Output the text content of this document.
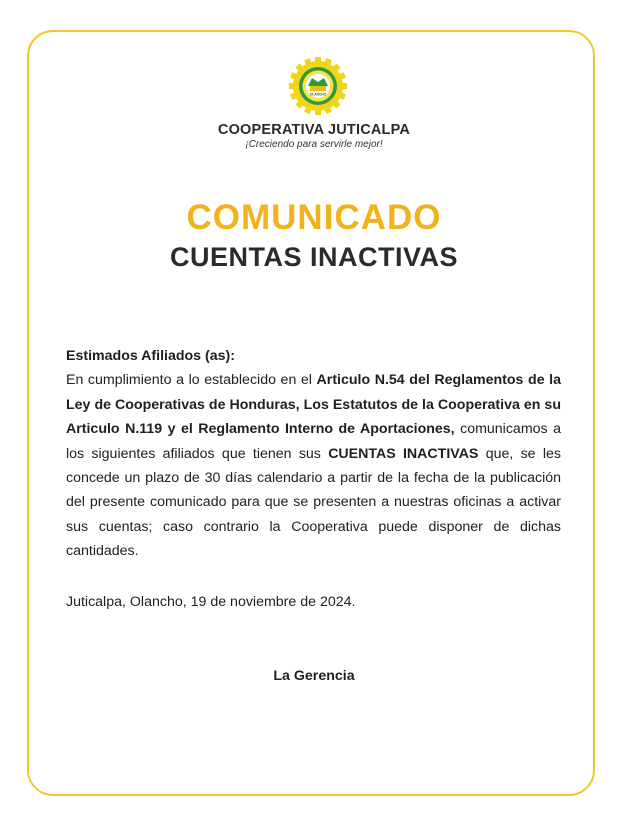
OLANCHO
COOPERATIVA JUTICALPA
¡Creciendo para servirle mejor!
COMUNICADO
CUENTAS INACTIVAS
Estimados Afiliados (as):
En cumplimiento a lo establecido en el Articulo N.54 del Reglamentos de la Ley de Cooperativas de Honduras, Los Estatutos de la Cooperativa en su Articulo N.119 y el Reglamento Interno de Aportaciones, comunicamos a los siguientes afiliados que tienen sus CUENTAS INACTIVAS que, se les concede un plazo de 30 días calendario a partir de la fecha de la publicación del presente comunicado para que se presenten a nuestras oficinas a activar sus cuentas; caso contrario la Cooperativa puede disponer de dichas cantidades.
Juticalpa, Olancho, 19 de noviembre de 2024.
La Gerencia
